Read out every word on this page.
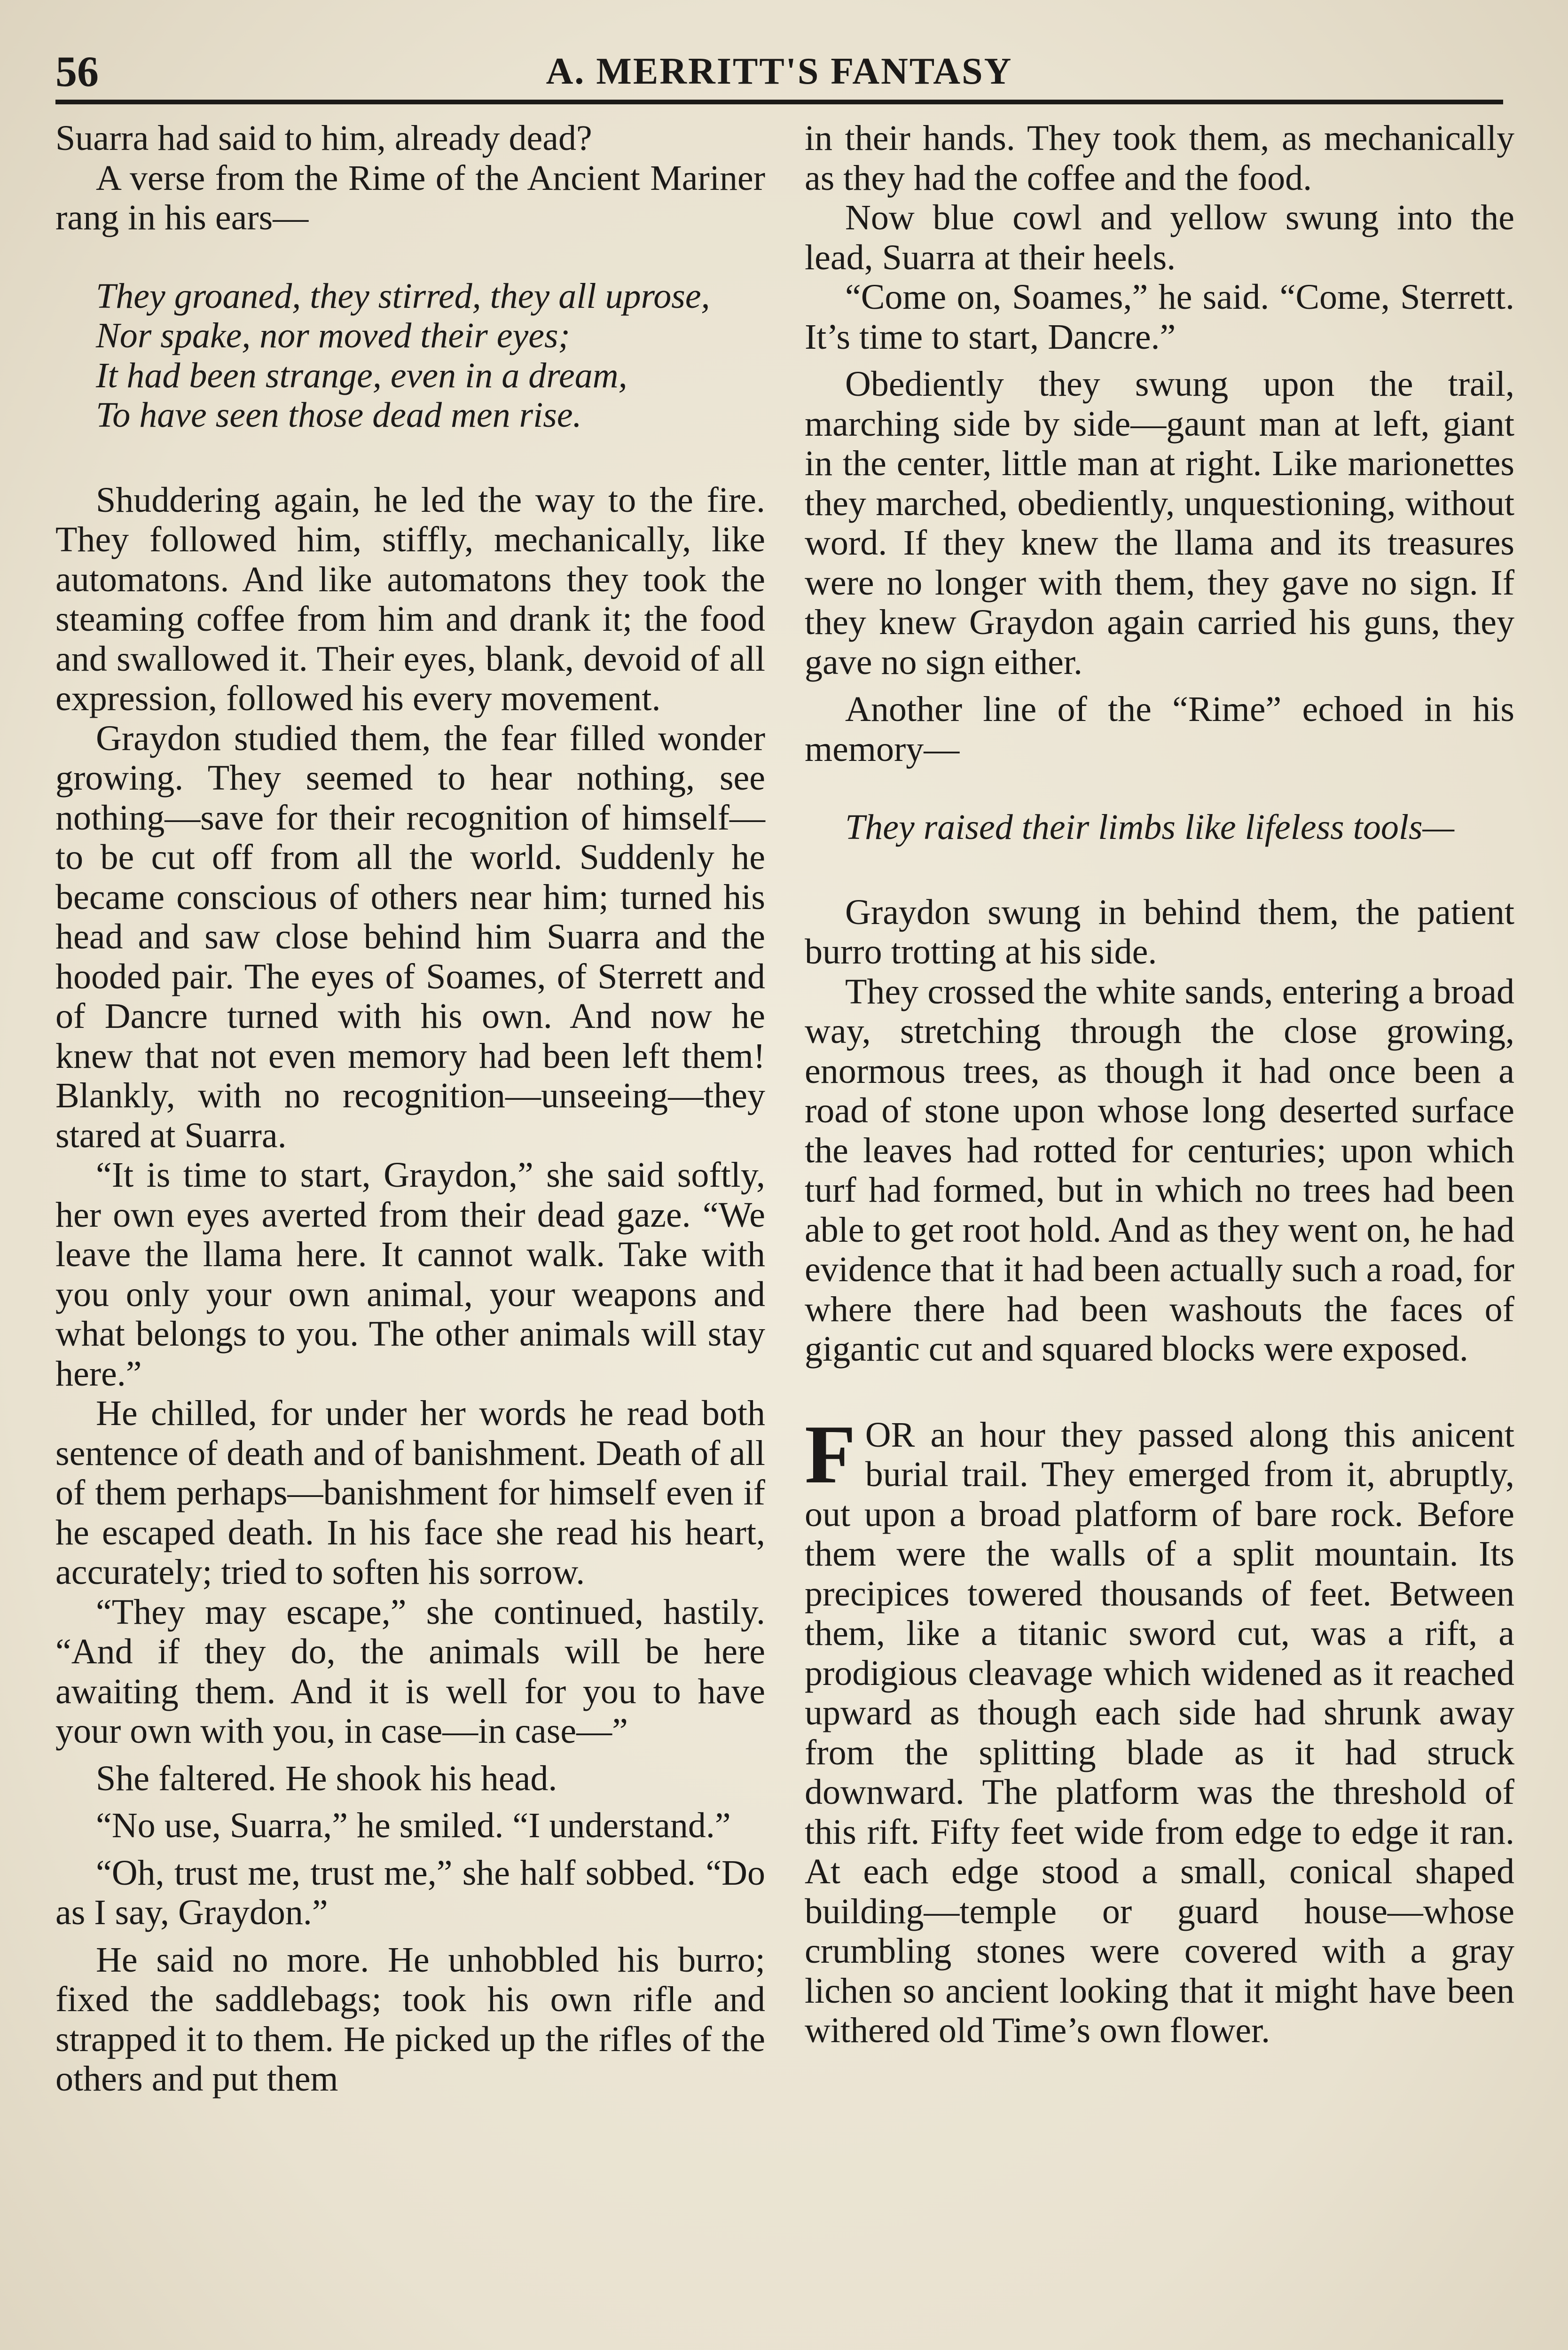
56	A. MERRITT'S FANTASY

Suarra had said to him, already dead?

A verse from the Rime of the Ancient Mariner rang in his ears—

They groaned, they stirred, they all uprose,
Nor spake, nor moved their eyes;
It had been strange, even in a dream,
To have seen those dead men rise.

Shuddering again, he led the way to the fire. They followed him, stiffly, mechanically, like automatons. And like automatons they took the steaming coffee from him and drank it; the food and swallowed it. Their eyes, blank, devoid of all expression, followed his every movement.

Graydon studied them, the fear filled wonder growing. They seemed to hear nothing, see nothing—save for their recognition of himself—to be cut off from all the world. Suddenly he became conscious of others near him; turned his head and saw close behind him Suarra and the hooded pair. The eyes of Soames, of Sterrett and of Dancre turned with his own. And now he knew that not even memory had been left them! Blankly, with no recognition—unseeing—they stared at Suarra.

“It is time to start, Graydon,” she said softly, her own eyes averted from their dead gaze. “We leave the llama here. It cannot walk. Take with you only your own animal, your weapons and what belongs to you. The other animals will stay here.”

He chilled, for under her words he read both sentence of death and of banishment. Death of all of them perhaps—banishment for himself even if he escaped death. In his face she read his heart, accurately; tried to soften his sorrow.

“They may escape,” she continued, hastily. “And if they do, the animals will be here awaiting them. And it is well for you to have your own with you, in case—in case—”

She faltered. He shook his head.

“No use, Suarra,” he smiled. “I understand.”

“Oh, trust me, trust me,” she half sobbed. “Do as I say, Graydon.”

He said no more. He unhobbled his burro; fixed the saddlebags; took his own rifle and strapped it to them. He picked up the rifles of the others and put them

in their hands. They took them, as mechanically as they had the coffee and the food.

Now blue cowl and yellow swung into the lead, Suarra at their heels.

“Come on, Soames,” he said. “Come, Sterrett. It’s time to start, Dancre.”

Obediently they swung upon the trail, marching side by side—gaunt man at left, giant in the center, little man at right. Like marionettes they marched, obediently, unquestioning, without word. If they knew the llama and its treasures were no longer with them, they gave no sign. If they knew Graydon again carried his guns, they gave no sign either.

Another line of the “Rime” echoed in his memory—

They raised their limbs like lifeless tools—

Graydon swung in behind them, the patient burro trotting at his side.

They crossed the white sands, entering a broad way, stretching through the close growing, enormous trees, as though it had once been a road of stone upon whose long deserted surface the leaves had rotted for centuries; upon which turf had formed, but in which no trees had been able to get root hold. And as they went on, he had evidence that it had been actually such a road, for where there had been washouts the faces of gigantic cut and squared blocks were exposed.

FOR an hour they passed along this anicent burial trail. They emerged from it, abruptly, out upon a broad platform of bare rock. Before them were the walls of a split mountain. Its precipices towered thousands of feet. Between them, like a titanic sword cut, was a rift, a prodigious cleavage which widened as it reached upward as though each side had shrunk away from the splitting blade as it had struck downward. The platform was the threshold of this rift. Fifty feet wide from edge to edge it ran. At each edge stood a small, conical shaped building—temple or guard house—whose crumbling stones were covered with a gray lichen so ancient looking that it might have been withered old Time’s own flower.
